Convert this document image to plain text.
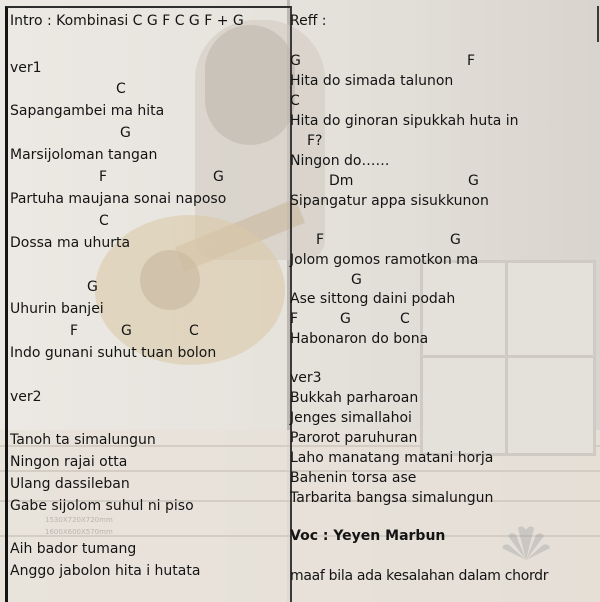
1530X720X720mm
1600X600X570mm
Intro : Kombinasi C G F C G F + G
ver1
C
Sapangambei ma hita
G
Marsijoloman tangan
F	G
Partuha maujana sonai naposo
C
Dossa ma uhurta
G
Uhurin banjei
F	G	C
Indo gunani suhut tuan bolon
ver2
Tanoh ta simalungun
Ningon rajai otta
Ulang dassileban
Gabe sijolom suhul ni piso
Aih bador tumang
Anggo jabolon hita i hutata
Reff :
G	F
Hita do simada talunon
C
Hita do ginoran sipukkah huta in
F?
Ningon do……
Dm	G
Sipangatur appa sisukkunon
F	G
Jolom gomos ramotkon ma
G
Ase sittong daini podah
F	G	C
Habonaron do bona
ver3
Bukkah parharoan
Jenges simallahoi
Parorot paruhuran
Laho manatang matani horja
Bahenin torsa ase
Tarbarita bangsa simalungun
Voc : Yeyen Marbun
maaf bila ada kesalahan dalam chordr
